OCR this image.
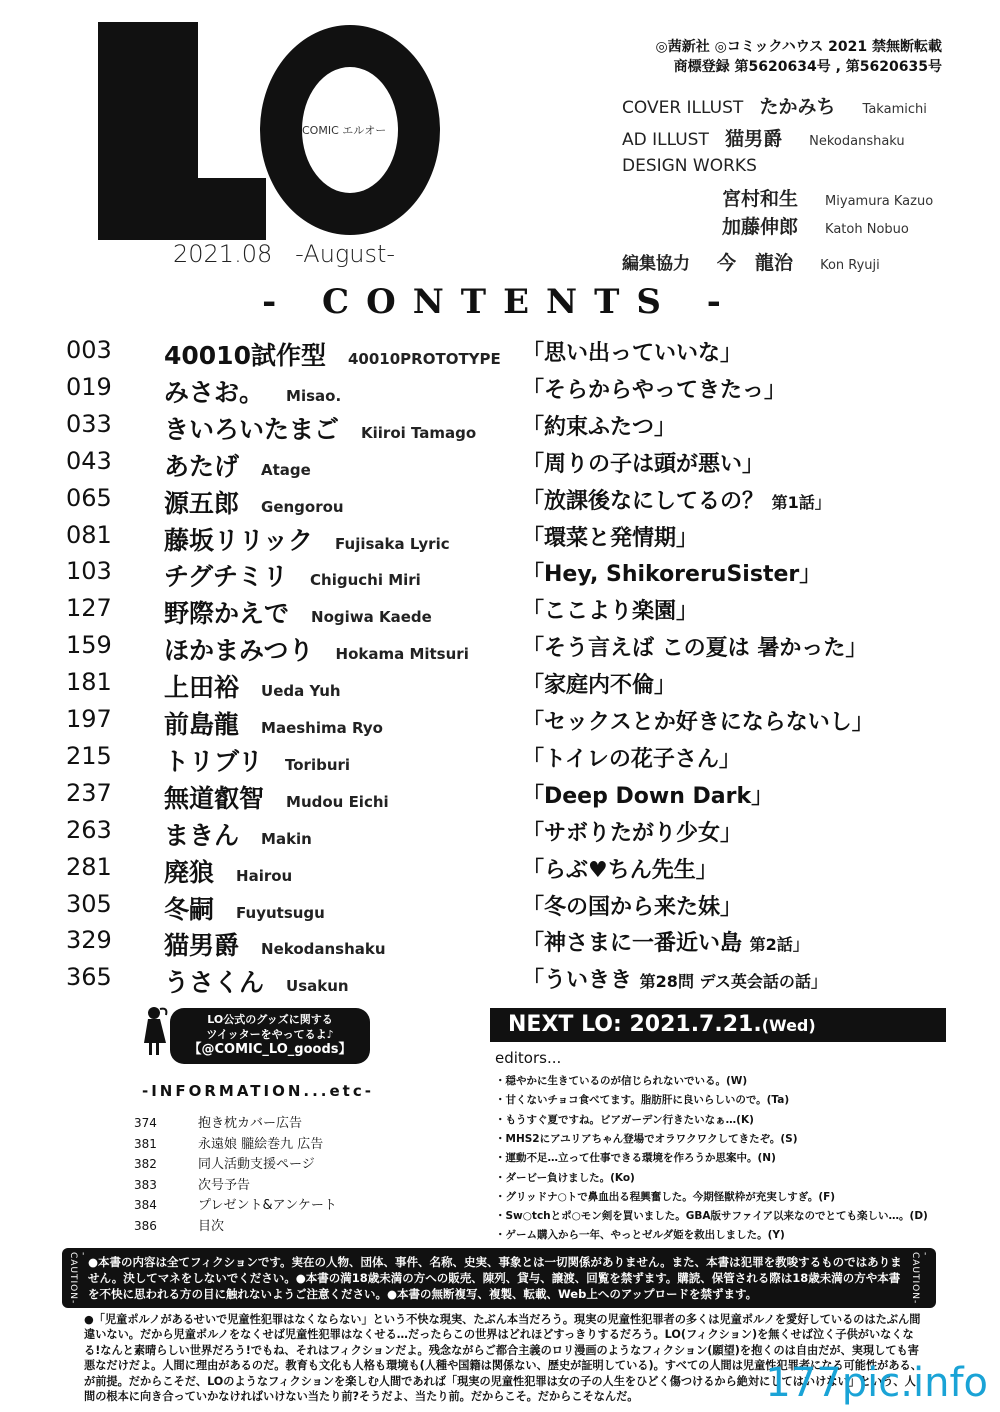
COMIC エルオー
2021.08 -August-
◎茜新社 ◎コミックハウス 2021 禁無断転載
商標登録 第5620634号 , 第5620635号
COVER ILLUST たかみち Takamichi
AD ILLUST 猫男爵 Nekodanshaku
DESIGN WORKS
宮村和生 Miyamura Kazuo
加藤伸郎 Katoh Nobuo
編集協力 今　龍治 Kon Ryuji
- CONTENTS -
003 40010試作型 40010PROTOTYPE 「思い出っていいな」
019 みさお。 Misao.	「そらからやってきたっ」
033 きいろいたまご Kiiroi Tamago 「約束ふたつ」
043 あたげ Atage	「周りの子は頭が悪い」
065 源五郎 Gengorou	「放課後なにしてるの？ 第1話」
081 藤坂リリック Fujisaka Lyric	「環菜と発情期」
103 チグチミリ Chiguchi Miri	「Hey, ShikoreruSister」
127 野際かえで Nogiwa Kaede	「ここより楽園」
159 ほかまみつり Hokama Mitsuri 「そう言えば この夏は 暑かった」
181 上田裕 Ueda Yuh	「家庭内不倫」
197 前島龍 Maeshima Ryo	「セックスとか好きにならないし」
215 トリブリ Toriburi	「トイレの花子さん」
237 無道叡智 Mudou Eichi	「Deep Down Dark」
263 まきん Makin	「サボりたがり少女」
281 廃狼 Hairou	「らぶ♥ちん先生」
305 冬嗣 Fuyutsugu	「冬の国から来た妹」
329 猫男爵 Nekodanshaku	「神さまに一番近い島 第2話」
365 うさくん Usakun	「ういきき 第28問 デス英会話の話」
LO公式のグッズに関する
ツイッターをやってるよ♪
【@COMIC_LO_goods】
-INFORMATION...etc-
374	抱き枕カバー広告
381	永遠娘 朧絵巻九 広告
382	同人活動支援ページ
383	次号予告
384	プレゼント&アンケート
386	目次
NEXT LO: 2021.7.21.(Wed)
editors...
・穏やかに生きているのが信じられないでいる。(W)
・甘くないチョコ食べてます。脂肪肝に良いらしいので。(Ta)
・もうすぐ夏ですね。ビアガーデン行きたいなぁ…(K)
・MHS2にアユリアちゃん登場でオラワクワクしてきたぞ。(S)
・運動不足…立って仕事できる環境を作ろうか思案中。(N)
・ダービー負けました。(Ko)
・グリッドナ○トで鼻血出る程興奮した。今期怪獣枠が充実しすぎ。(F)
・Sw○tchとポ○モン剣を買いました。GBA版サファイア以来なのでとても楽しい…。(D)
・ゲーム購入から一年、やっとゼルダ姫を救出しました。(Y)
-CAUTION- ●本書の内容は全てフィクションです。実在の人物、団体、事件、名称、史実、事象とは一切関係がありません。また、本書は犯罪を教唆するものではありません。決してマネをしないでください。●本書の満18歳未満の方への販売、陳列、貸与、譲渡、回覧を禁ずます。購読、保管される際は18歳未満の方や本書を不快に思われる方の目に触れないようご注意ください。●本書の無断複写、複製、転載、Web上へのアップロードを禁ずます。
-CAUTION-
●「児童ポルノがあるせいで児童性犯罪はなくならない」という不快な現実、たぶん本当だろう。現実の児童性犯罪者の多くは児童ポルノを愛好しているのはたぶん間違いない。だから児童ポルノをなくせば児童性犯罪はなくせる…だったらこの世界はどれほどすっきりするだろう。LO(フィクション)を無くせば泣く子供がいなくなる!なんと素晴らしい世界だろう!でもね、それはフィクションだよ。残念ながらご都合主義のロリ漫画のようなフィクション(願望)を抱くのは自由だが、実現しても害悪なだけだよ。人間に理由があるのだ。教育も文化も人格も環境も(人種や国籍は関係ない、歴史が証明している)。すべての人間は児童性犯罪者になる可能性がある、が前提。だからこそだ、LOのようなフィクションを楽しむ人間であれば「現実の児童性犯罪は女の子の人生をひどく傷つけるから絶対にしてはいけない」という、人間の根本に向き合っていかなければいけない当たり前?そうだよ、当たり前。だからこそ。だからこそなんだ。	177pic.info
